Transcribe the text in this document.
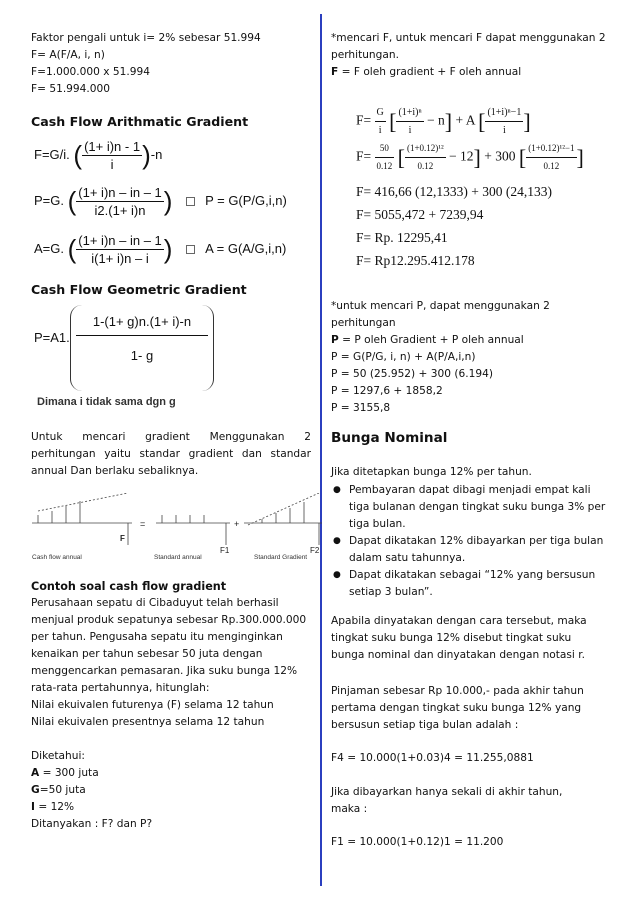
Faktor pengali untuk i= 2% sebesar 51.994
F= A(F/A, i, n)
F=1.000.000 x 51.994
F= 51.994.000
Cash Flow Arithmatic Gradient
F=G/i. ( $\frac{(1+ i)n - 1}{i} )-n$
P=G. ( $\frac{(1+ i)n - in - 1}{i2.(1+ i)n}$ )	P = G(P/G,i,n)
A=G. ( $\frac{(1+ i)n - in - 1}{i(1+ i)n - i}$ )	A = G(A/G,i,n)
Cash Flow Geometric Gradient
P=A1.
1-(1+ g)n.(1+ i)-n
1- g
Dimana i tidak sama dgn g
Untuk mencari gradient Menggunakan 2
perhitungan yaitu standar gradient dan standar
annual Dan berlaku sebaliknya.
=	+
F
F1	F2
Cash flow annual	Standard annual	Standard Gradient
Contoh soal cash flow gradient
Perusahaan sepatu di Cibaduyut telah berhasil
menjual produk sepatunya sebesar Rp.300.000.000
per tahun. Pengusaha sepatu itu menginginkan
kenaikan per tahun sebesar 50 juta dengan
menggencarkan pemasaran. Jika suku bunga 12%
rata-rata pertahunnya, hitunglah:
Nilai ekuivalen futurenya (F) selama 12 tahun
Nilai ekuivalen presentnya selama 12 tahun
Diketahui:
A = 300 juta
G=50 juta
I = 12%
Ditanyakan : F? dan P?
*mencari F, untuk mencari F dapat menggunakan 2
perhitungan.
F = F oleh gradient + F oleh annual
$F= \frac{G}{i}$ [ $\frac{\text{(1+i)ⁿ}}{i} - n] + A$ [ $\frac{\text{(1+i)ⁿ−1}}{i}$ ]
$F= \frac{50}{0.12}$ [ $\frac{\text{(1+0.12)¹²}}{0.12} - 12] + 300$ [ $\frac{\text{(1+0.12)¹²−1}}{0.12}$ ]
F= 416,66 (12,1333) + 300 (24,133)
F= 5055,472 + 7239,94
F= Rp. 12295,41
F= Rp12.295.412.178
*untuk mencari P, dapat menggunakan 2
perhitungan
P = P oleh Gradient + P oleh annual
P = G(P/G, i, n) + A(P/A,i,n)
P = 50 (25.952) + 300 (6.194)
P = 1297,6 + 1858,2
P = 3155,8
Bunga Nominal
Jika ditetapkan bunga 12% per tahun.
● Pembayaran dapat dibagi menjadi empat kali tiga bulanan dengan tingkat suku bunga 3% per tiga bulan.
● Dapat dikatakan 12% dibayarkan per tiga bulan dalam satu tahunnya.
● Dapat dikatakan sebagai “12% yang bersusun setiap 3 bulan”.
Apabila dinyatakan dengan cara tersebut, maka
tingkat suku bunga 12% disebut tingkat suku
bunga nominal dan dinyatakan dengan notasi r.
Pinjaman sebesar Rp 10.000,- pada akhir tahun
pertama dengan tingkat suku bunga 12% yang
bersusun setiap tiga bulan adalah :
F4 = 10.000(1+0.03)4 = 11.255,0881
Jika dibayarkan hanya sekali di akhir tahun,
maka :
F1 = 10.000(1+0.12)1 = 11.200
